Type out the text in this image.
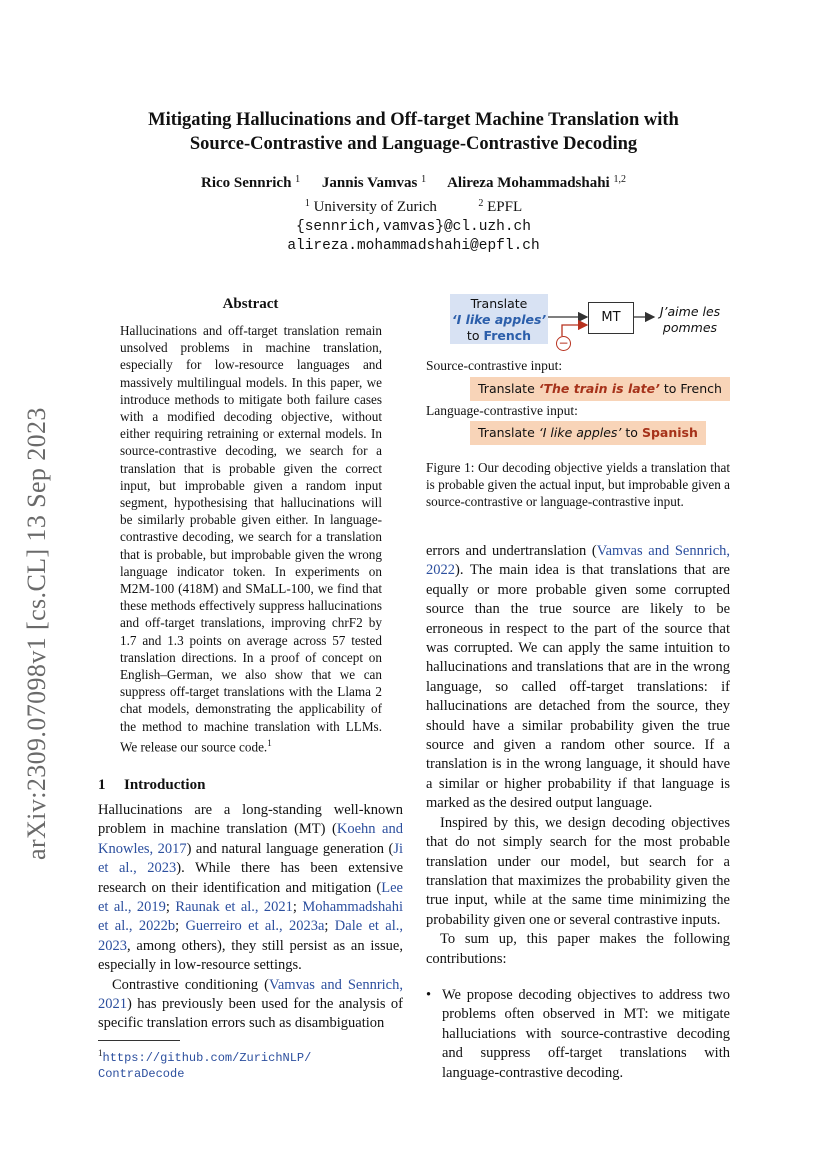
arXiv:2309.07098v1 [cs.CL] 13 Sep 2023
Mitigating Hallucinations and Off-target Machine Translation with
Source-Contrastive and Language-Contrastive Decoding
Rico Sennrich $^1$ Jannis Vamvas $^1$ Alireza Mohammadshahi $^{1,2}$
$^1$ University of Zurich	$^2$ EPFL
{sennrich,vamvas}@cl.uzh.ch
alireza.mohammadshahi@epfl.ch
Abstract
Hallucinations and off-target translation remain unsolved problems in machine translation, especially for low-resource languages and massively multilingual models. In this paper, we introduce methods to mitigate both failure cases with a modified decoding objective, without either requiring retraining or external models. In source-contrastive decoding, we search for a translation that is probable given the correct input, but improbable given a random input segment, hypothesising that hallucinations will be similarly probable given either. In language-contrastive decoding, we search for a translation that is probable, but improbable given the wrong language indicator token. In experiments on M2M-100 (418M) and SMaLL-100, we find that these methods effectively suppress hallucinations and off-target translations, improving chrF2 by 1.7 and 1.3 points on average across 57 tested translation directions. In a proof of concept on English–German, we also show that we can suppress off-target translations with the Llama 2 chat models, demonstrating the applicability of the method to machine translation with LLMs. We release our source code.$^1$
1 Introduction

Hallucinations are a long-standing well-known problem in machine translation (MT) (Koehn and Knowles, 2017) and natural language generation (Ji et al., 2023). While there has been extensive research on their identification and mitigation (Lee et al., 2019; Raunak et al., 2021; Mohammadshahi et al., 2022b; Guerreiro et al., 2023a; Dale et al., 2023, among others), they still persist as an issue, especially in low-resource settings.

Contrastive conditioning (Vamvas and Sennrich, 2021) has previously been used for the analysis of specific translation errors such as disambiguation

$^1$https://github.com/ZurichNLP/
ContraDecode
Translate
‘I like apples’
to French
MT	J’aime les
pommes
−
Source-contrastive input:
Translate ‘The train is late’ to French
Language-contrastive input:
Translate ‘I like apples’ to Spanish
Figure 1: Our decoding objective yields a translation that is probable given the actual input, but improbable given a source-contrastive or language-contrastive input.

errors and undertranslation (Vamvas and Sennrich, 2022). The main idea is that translations that are equally or more probable given some corrupted source than the true source are likely to be erroneous in respect to the part of the source that was corrupted. We can apply the same intuition to hallucinations and translations that are in the wrong language, so called off-target translations: if hallucinations are detached from the source, they should have a similar probability given the true source and given a random other source. If a translation is in the wrong language, it should have a similar or higher probability if that language is marked as the desired output language.

Inspired by this, we design decoding objectives that do not simply search for the most probable translation under our model, but search for a translation that maximizes the probability given the true input, while at the same time minimizing the probability given one or several contrastive inputs.

To sum up, this paper makes the following contributions:

• We propose decoding objectives to address two problems often observed in MT: we mitigate halluciations with source-contrastive decoding and suppress off-target translations with language-contrastive decoding.
